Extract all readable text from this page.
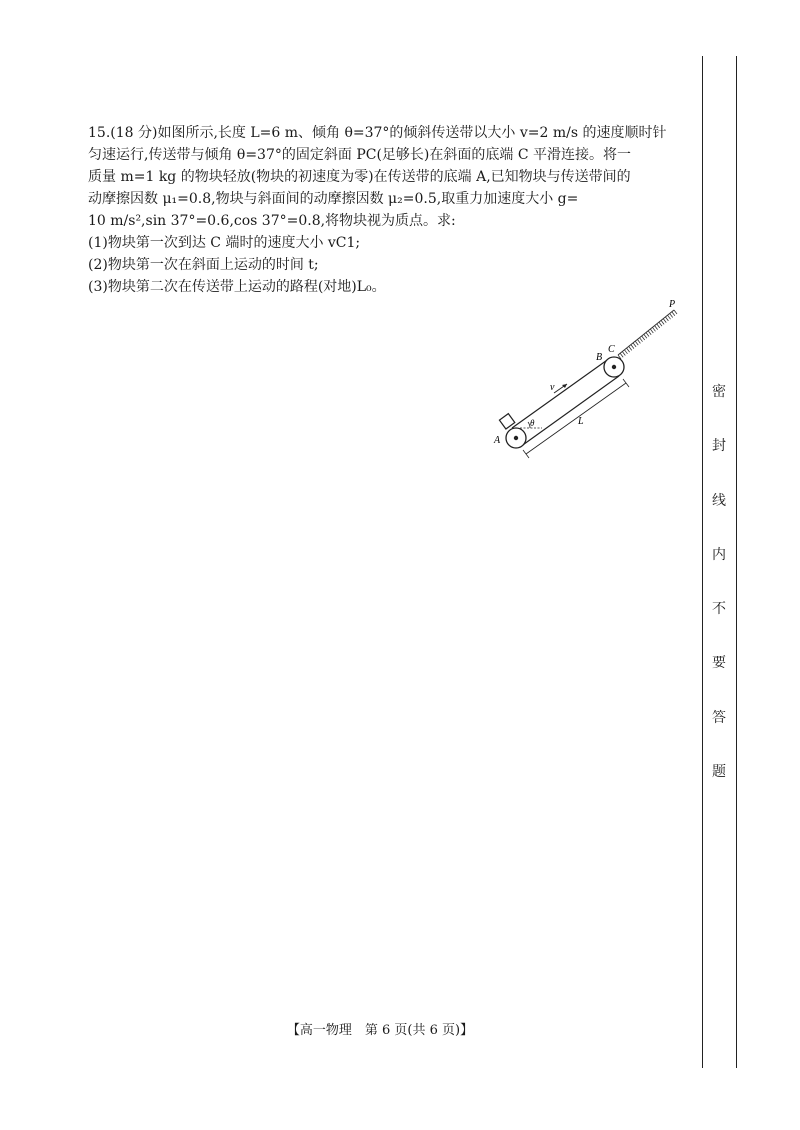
15.(18 分)如图所示,长度 L=6 m、倾角 θ=37°的倾斜传送带以大小 v=2 m/s 的速度顺时针

匀速运行,传送带与倾角 θ=37°的固定斜面 PC(足够长)在斜面的底端 C 平滑连接。将一

质量 m=1 kg 的物块轻放(物块的初速度为零)在传送带的底端 A,已知物块与传送带间的

动摩擦因数 μ₁=0.8,物块与斜面间的动摩擦因数 μ₂=0.5,取重力加速度大小 g=

10 m/s²,sin 37°=0.6,cos 37°=0.8,将物块视为质点。求:

(1)物块第一次到达 C 端时的速度大小 vC1;

(2)物块第一次在斜面上运动的时间 t;

(3)物块第二次在传送带上运动的路程(对地)L₀。

P
B
C
A
v
θ	L
【高一物理　第 6 页(共 6 页)】
密
封
线
内
不
要
答
题
